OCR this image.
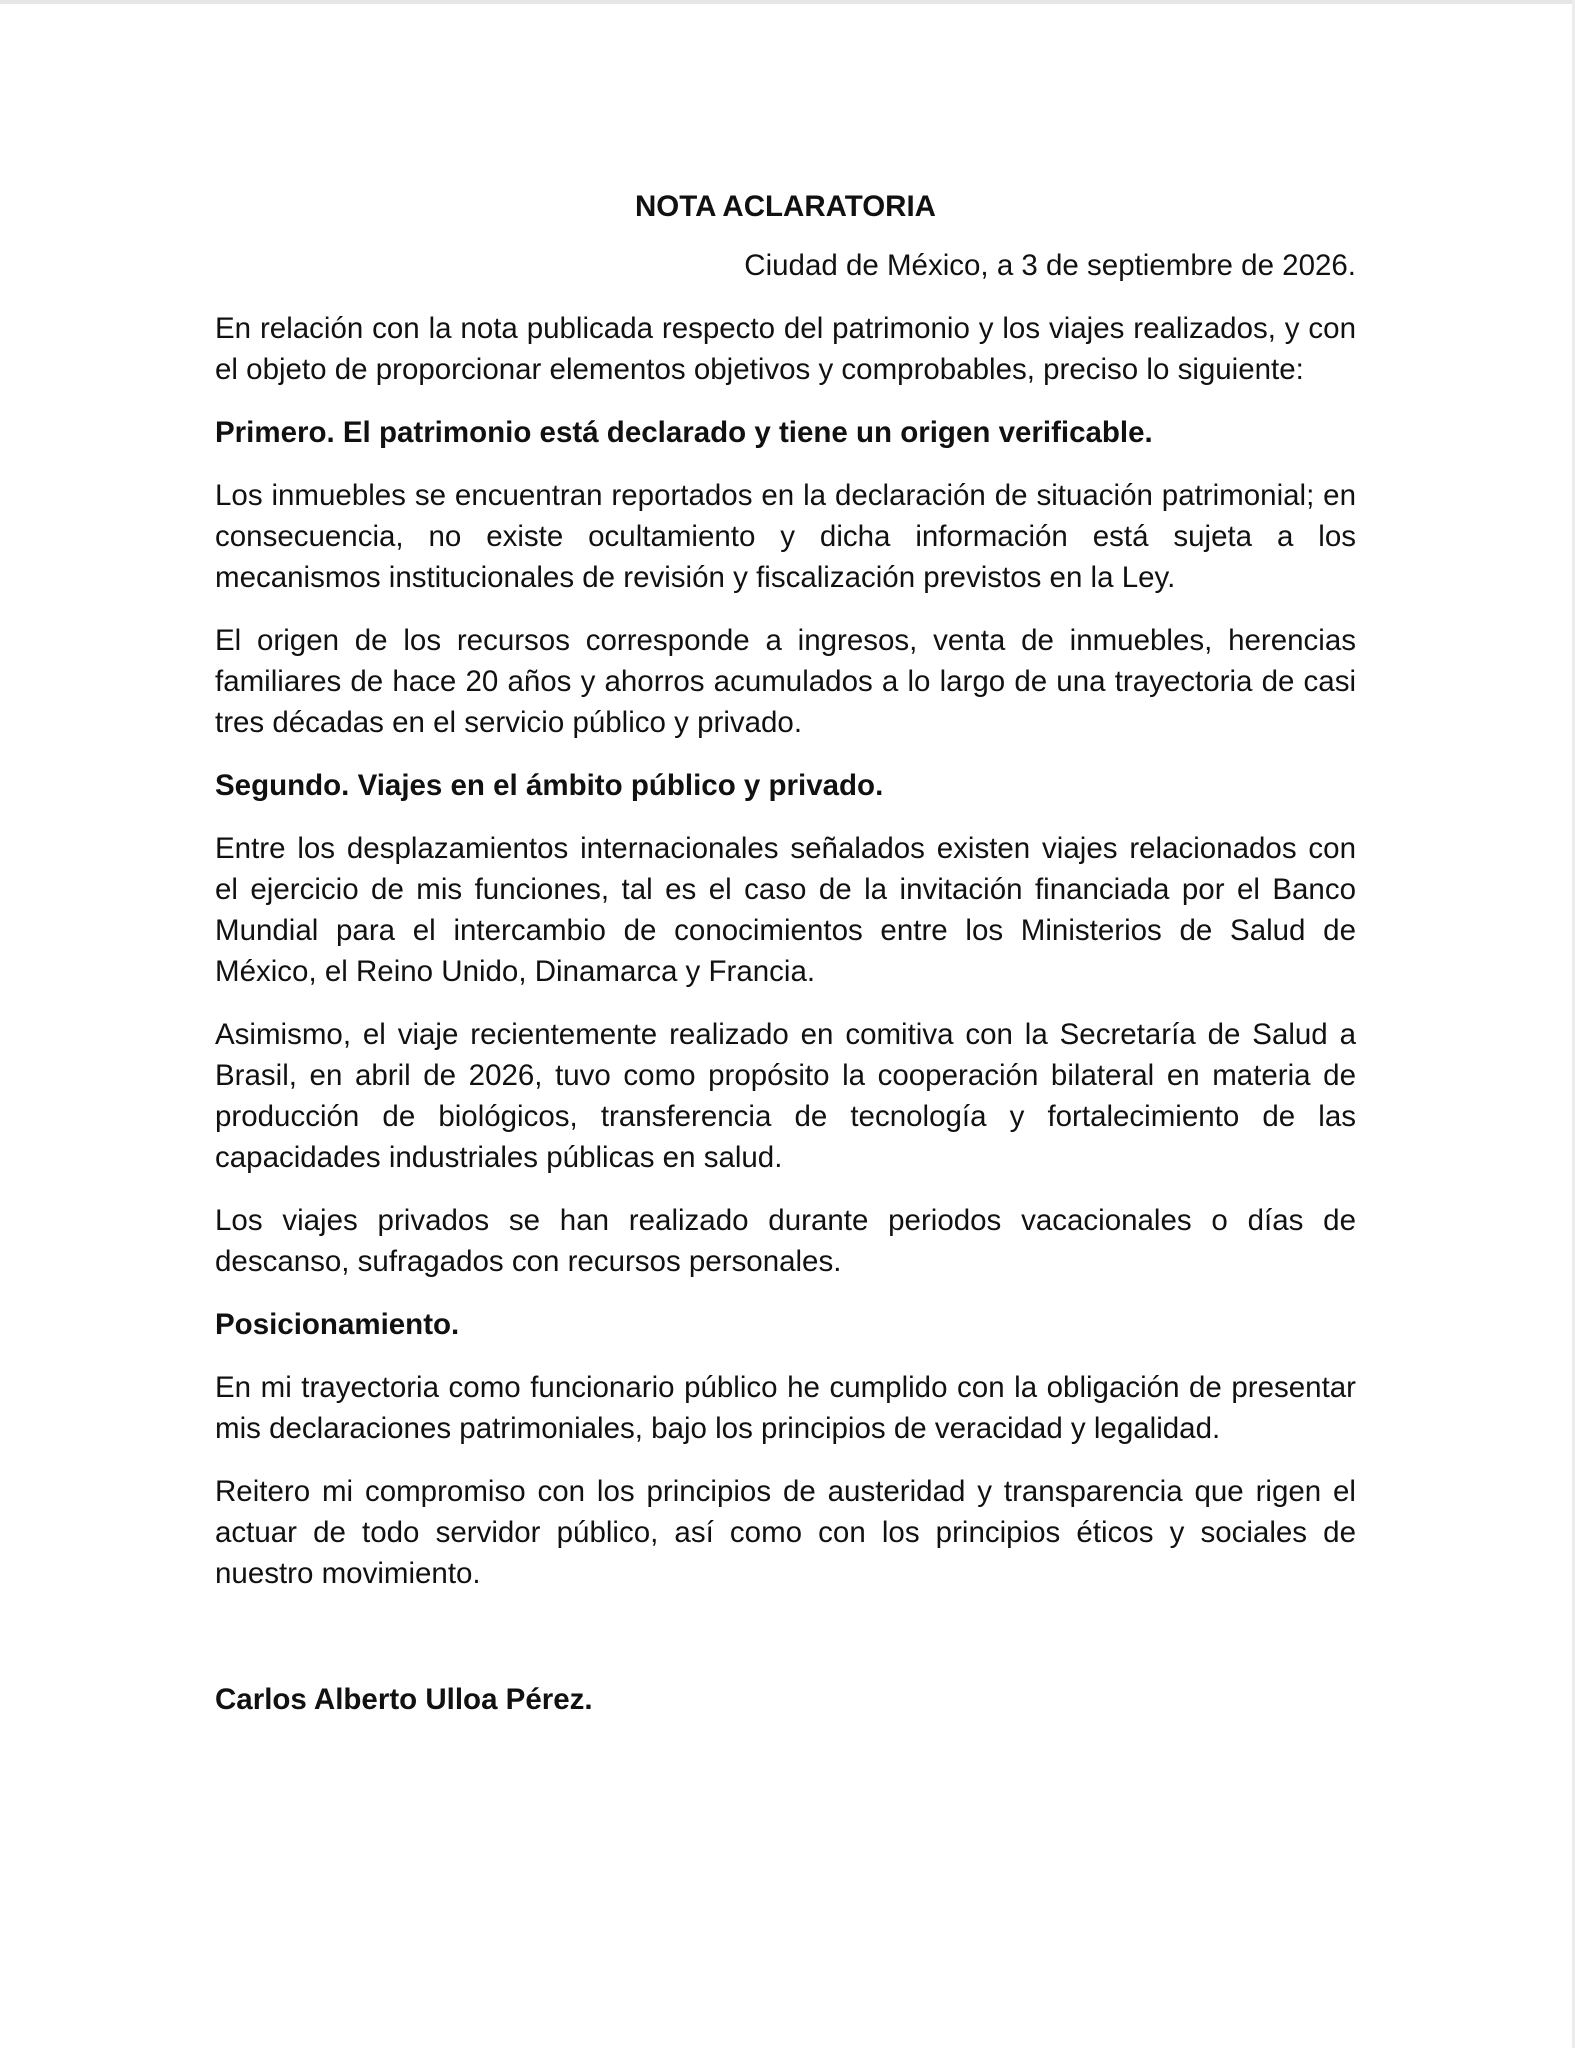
NOTA ACLARATORIA
Ciudad de México, a 3 de septiembre de 2026.

En relación con la nota publicada respecto del patrimonio y los viajes realizados, y con el objeto de proporcionar elementos objetivos y comprobables, preciso lo siguiente:

Primero. El patrimonio está declarado y tiene un origen verificable.

Los inmuebles se encuentran reportados en la declaración de situación patrimonial; en consecuencia, no existe ocultamiento y dicha información está sujeta a los mecanismos institucionales de revisión y fiscalización previstos en la Ley.

El origen de los recursos corresponde a ingresos, venta de inmuebles, herencias familiares de hace 20 años y ahorros acumulados a lo largo de una trayectoria de casi tres décadas en el servicio público y privado.

Segundo. Viajes en el ámbito público y privado.

Entre los desplazamientos internacionales señalados existen viajes relacionados con el ejercicio de mis funciones, tal es el caso de la invitación financiada por el Banco Mundial para el intercambio de conocimientos entre los Ministerios de Salud de México, el Reino Unido, Dinamarca y Francia.

Asimismo, el viaje recientemente realizado en comitiva con la Secretaría de Salud a Brasil, en abril de 2026, tuvo como propósito la cooperación bilateral en materia de producción de biológicos, transferencia de tecnología y fortalecimiento de las capacidades industriales públicas en salud.

Los viajes privados se han realizado durante periodos vacacionales o días de descanso, sufragados con recursos personales.

Posicionamiento.

En mi trayectoria como funcionario público he cumplido con la obligación de presentar mis declaraciones patrimoniales, bajo los principios de veracidad y legalidad.

Reitero mi compromiso con los principios de austeridad y transparencia que rigen el actuar de todo servidor público, así como con los principios éticos y sociales de nuestro movimiento.

Carlos Alberto Ulloa Pérez.
